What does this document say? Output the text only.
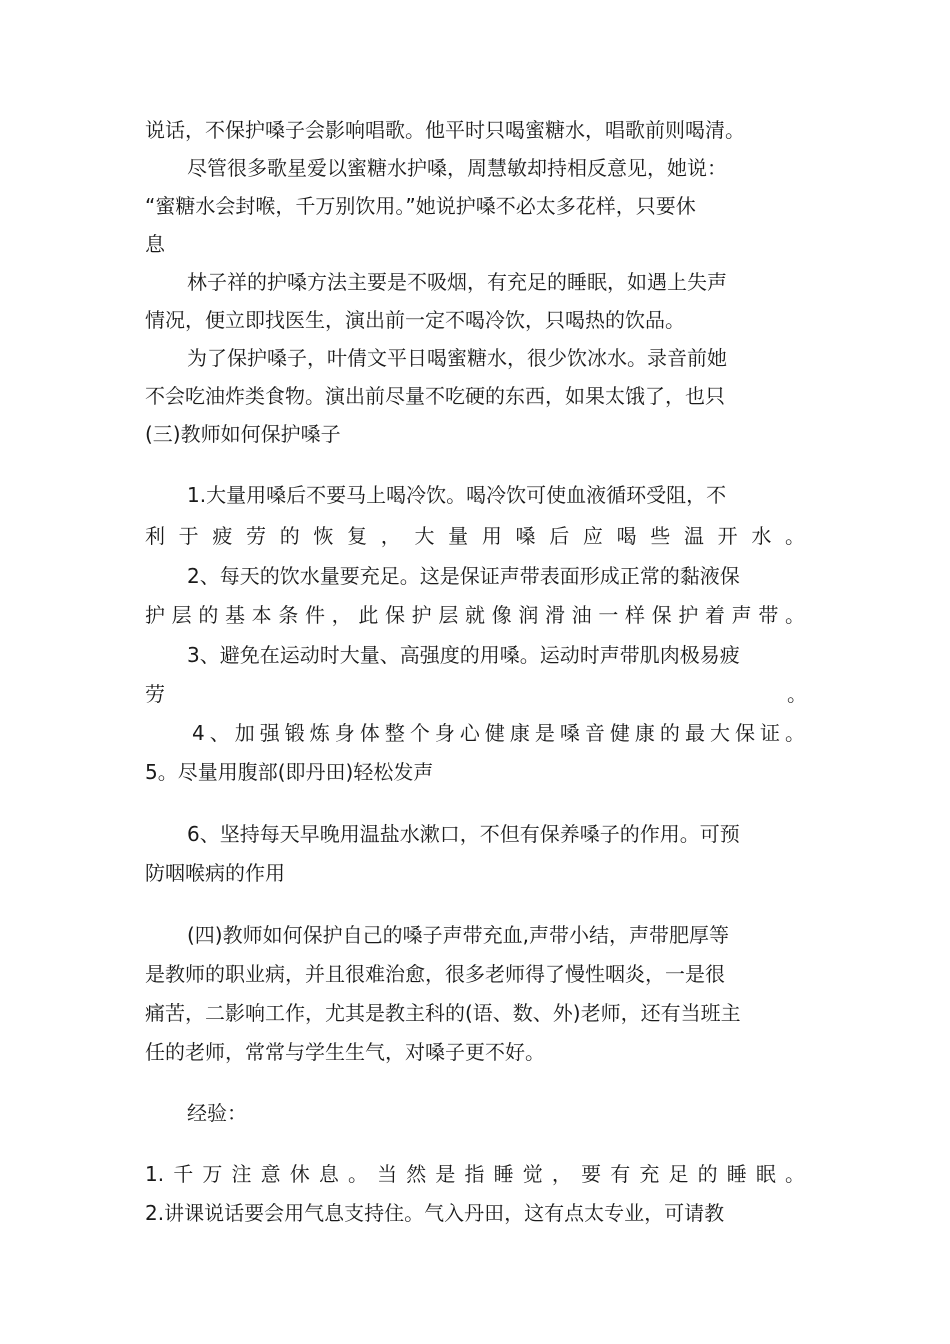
说话，不保护嗓子会影响唱歌。他平时只喝蜜糖水，唱歌前则喝清。
尽管很多歌星爱以蜜糖水护嗓，周慧敏却持相反意见，她说：
“蜜糖水会封喉，千万别饮用。”她说护嗓不必太多花样，只要休
息
林子祥的护嗓方法主要是不吸烟，有充足的睡眠，如遇上失声
情况，便立即找医生，演出前一定不喝冷饮，只喝热的饮品。
为了保护嗓子，叶倩文平日喝蜜糖水，很少饮冰水。录音前她
不会吃油炸类食物。演出前尽量不吃硬的东西，如果太饿了，也只
(三)教师如何保护嗓子
1.大量用嗓后不要马上喝冷饮。喝冷饮可使血液循环受阻，不
利于疲劳的恢复，大量用嗓后应喝些温开水。
2、每天的饮水量要充足。这是保证声带表面形成正常的黏液保
护层的基本条件，此保护层就像润滑油一样保护着声带。
3、避免在运动时大量、高强度的用嗓。运动时声带肌肉极易疲
劳	。
4、加强锻炼身体整个身心健康是嗓音健康的最大保证。
5。尽量用腹部(即丹田)轻松发声
6、坚持每天早晚用温盐水漱口，不但有保养嗓子的作用。可预
防咽喉病的作用
(四)教师如何保护自己的嗓子声带充血,声带小结，声带肥厚等
是教师的职业病，并且很难治愈，很多老师得了慢性咽炎，一是很
痛苦，二影响工作，尤其是教主科的(语、数、外)老师，还有当班主
任的老师，常常与学生生气，对嗓子更不好。
经验：
1.千万注意休息。当然是指睡觉，要有充足的睡眠。
2.讲课说话要会用气息支持住。气入丹田，这有点太专业，可请教
